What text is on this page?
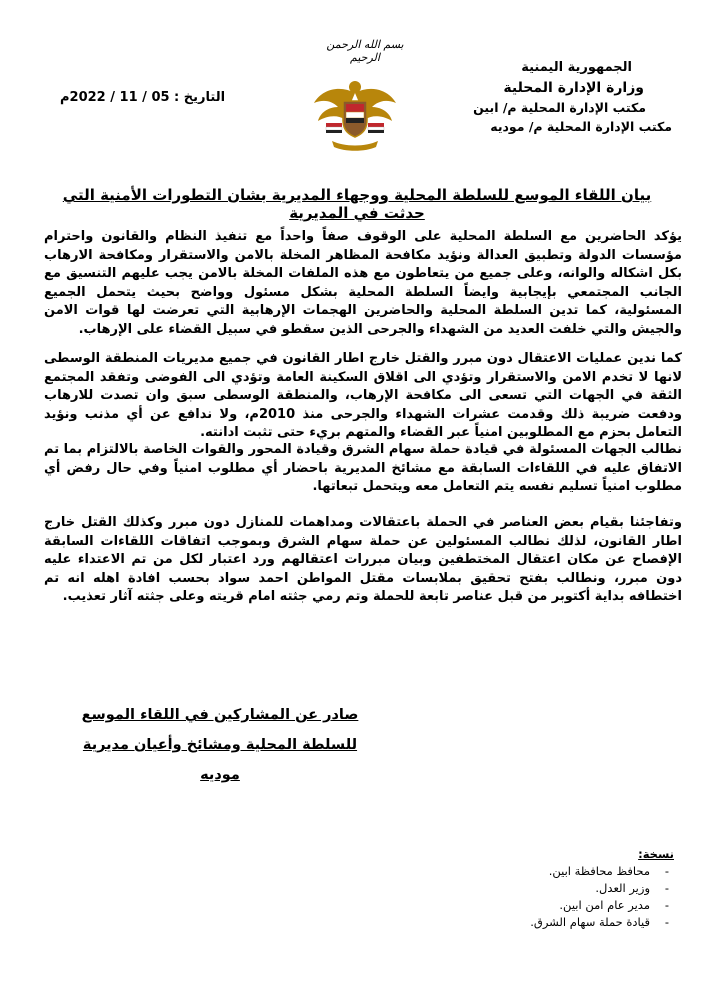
بسم الله الرحمن الرحيم
الجمهورية اليمنية
وزارة الإدارة المحلية
مكتب الإدارة المحلية م/ ابين
مكتب الإدارة المحلية م/ موديه
التاريخ : 05 / 11 / 2022م
بيان اللقاء الموسع للسلطة المحلية ووجهاء المديرية بشان التطورات الأمنية التي حدثت في المديرية
يؤكد الحاضرين مع السلطة المحلية على الوقوف صفاً واحداً مع تنفيذ النظام والقانون واحترام مؤسسات الدولة وتطبيق العدالة ونؤيد مكافحة المظاهر المخلة بالامن والاستقرار ومكافحة الارهاب بكل اشكاله والوانه، وعلى جميع من يتعاطون مع هذه الملفات المخلة بالامن يجب عليهم التنسيق مع الجانب المجتمعي بإيجابية وايضاً السلطة المحلية بشكل مسئول وواضح بحيث يتحمل الجميع المسئولية، كما تدين السلطة المحلية والحاضرين الهجمات الإرهابية التي تعرضت لها قوات الامن والجيش والتي خلفت العديد من الشهداء والجرحى الذين سقطو في سبيل القضاء على الإرهاب.
كما ندين عمليات الاعتقال دون مبرر والقتل خارج اطار القانون في جميع مديريات المنطقة الوسطى لانها لا تخدم الامن والاستقرار وتؤدي الى اقلاق السكينة العامة وتؤدي الى الفوضى وتفقد المجتمع الثقة في الجهات التي تسعى الى مكافحة الإرهاب، والمنطقة الوسطى سبق وان تصدت للارهاب ودفعت ضريبة ذلك وقدمت عشرات الشهداء والجرحى منذ 2010م، ولا ندافع عن أي مذنب ونؤيد التعامل بحزم مع المطلوبين امنياً عبر القضاء والمتهم بريء حتى تثبت ادانته.
نطالب الجهات المسئولة في قيادة حملة سهام الشرق وقيادة المحور والقوات الخاصة بالالتزام بما تم الاتفاق عليه في اللقاءات السابقة مع مشائخ المديرية باحضار أي مطلوب امنياً وفي حال رفض أي مطلوب امنياً تسليم نفسه يتم التعامل معه ويتحمل تبعاتها.
وتفاجئنا بقيام بعض العناصر في الحملة باعتقالات ومداهمات للمنازل دون مبرر وكذلك القتل خارج اطار القانون، لذلك نطالب المسئولين عن حملة سهام الشرق وبموجب اتفاقات اللقاءات السابقة الإفصاح عن مكان اعتقال المختطفين وبيان مبررات اعتقالهم ورد اعتبار لكل من تم الاعتداء عليه دون مبرر، ونطالب بفتح تحقيق بملابسات مقتل المواطن احمد سواد بحسب افادة اهله انه تم اختطافه بداية أكتوبر من قبل عناصر تابعة للحملة وتم رمي جثته امام قريته وعلى جثته آثار تعذيب.
صادر عن المشاركين في اللقاء الموسع
للسلطة المحلية ومشائخ وأعيان مديرية موديه
نسخة:
-
محافظ محافظة ابين.
-
وزير العدل.
-
مدير عام امن ابين.
-
قيادة حملة سهام الشرق.
